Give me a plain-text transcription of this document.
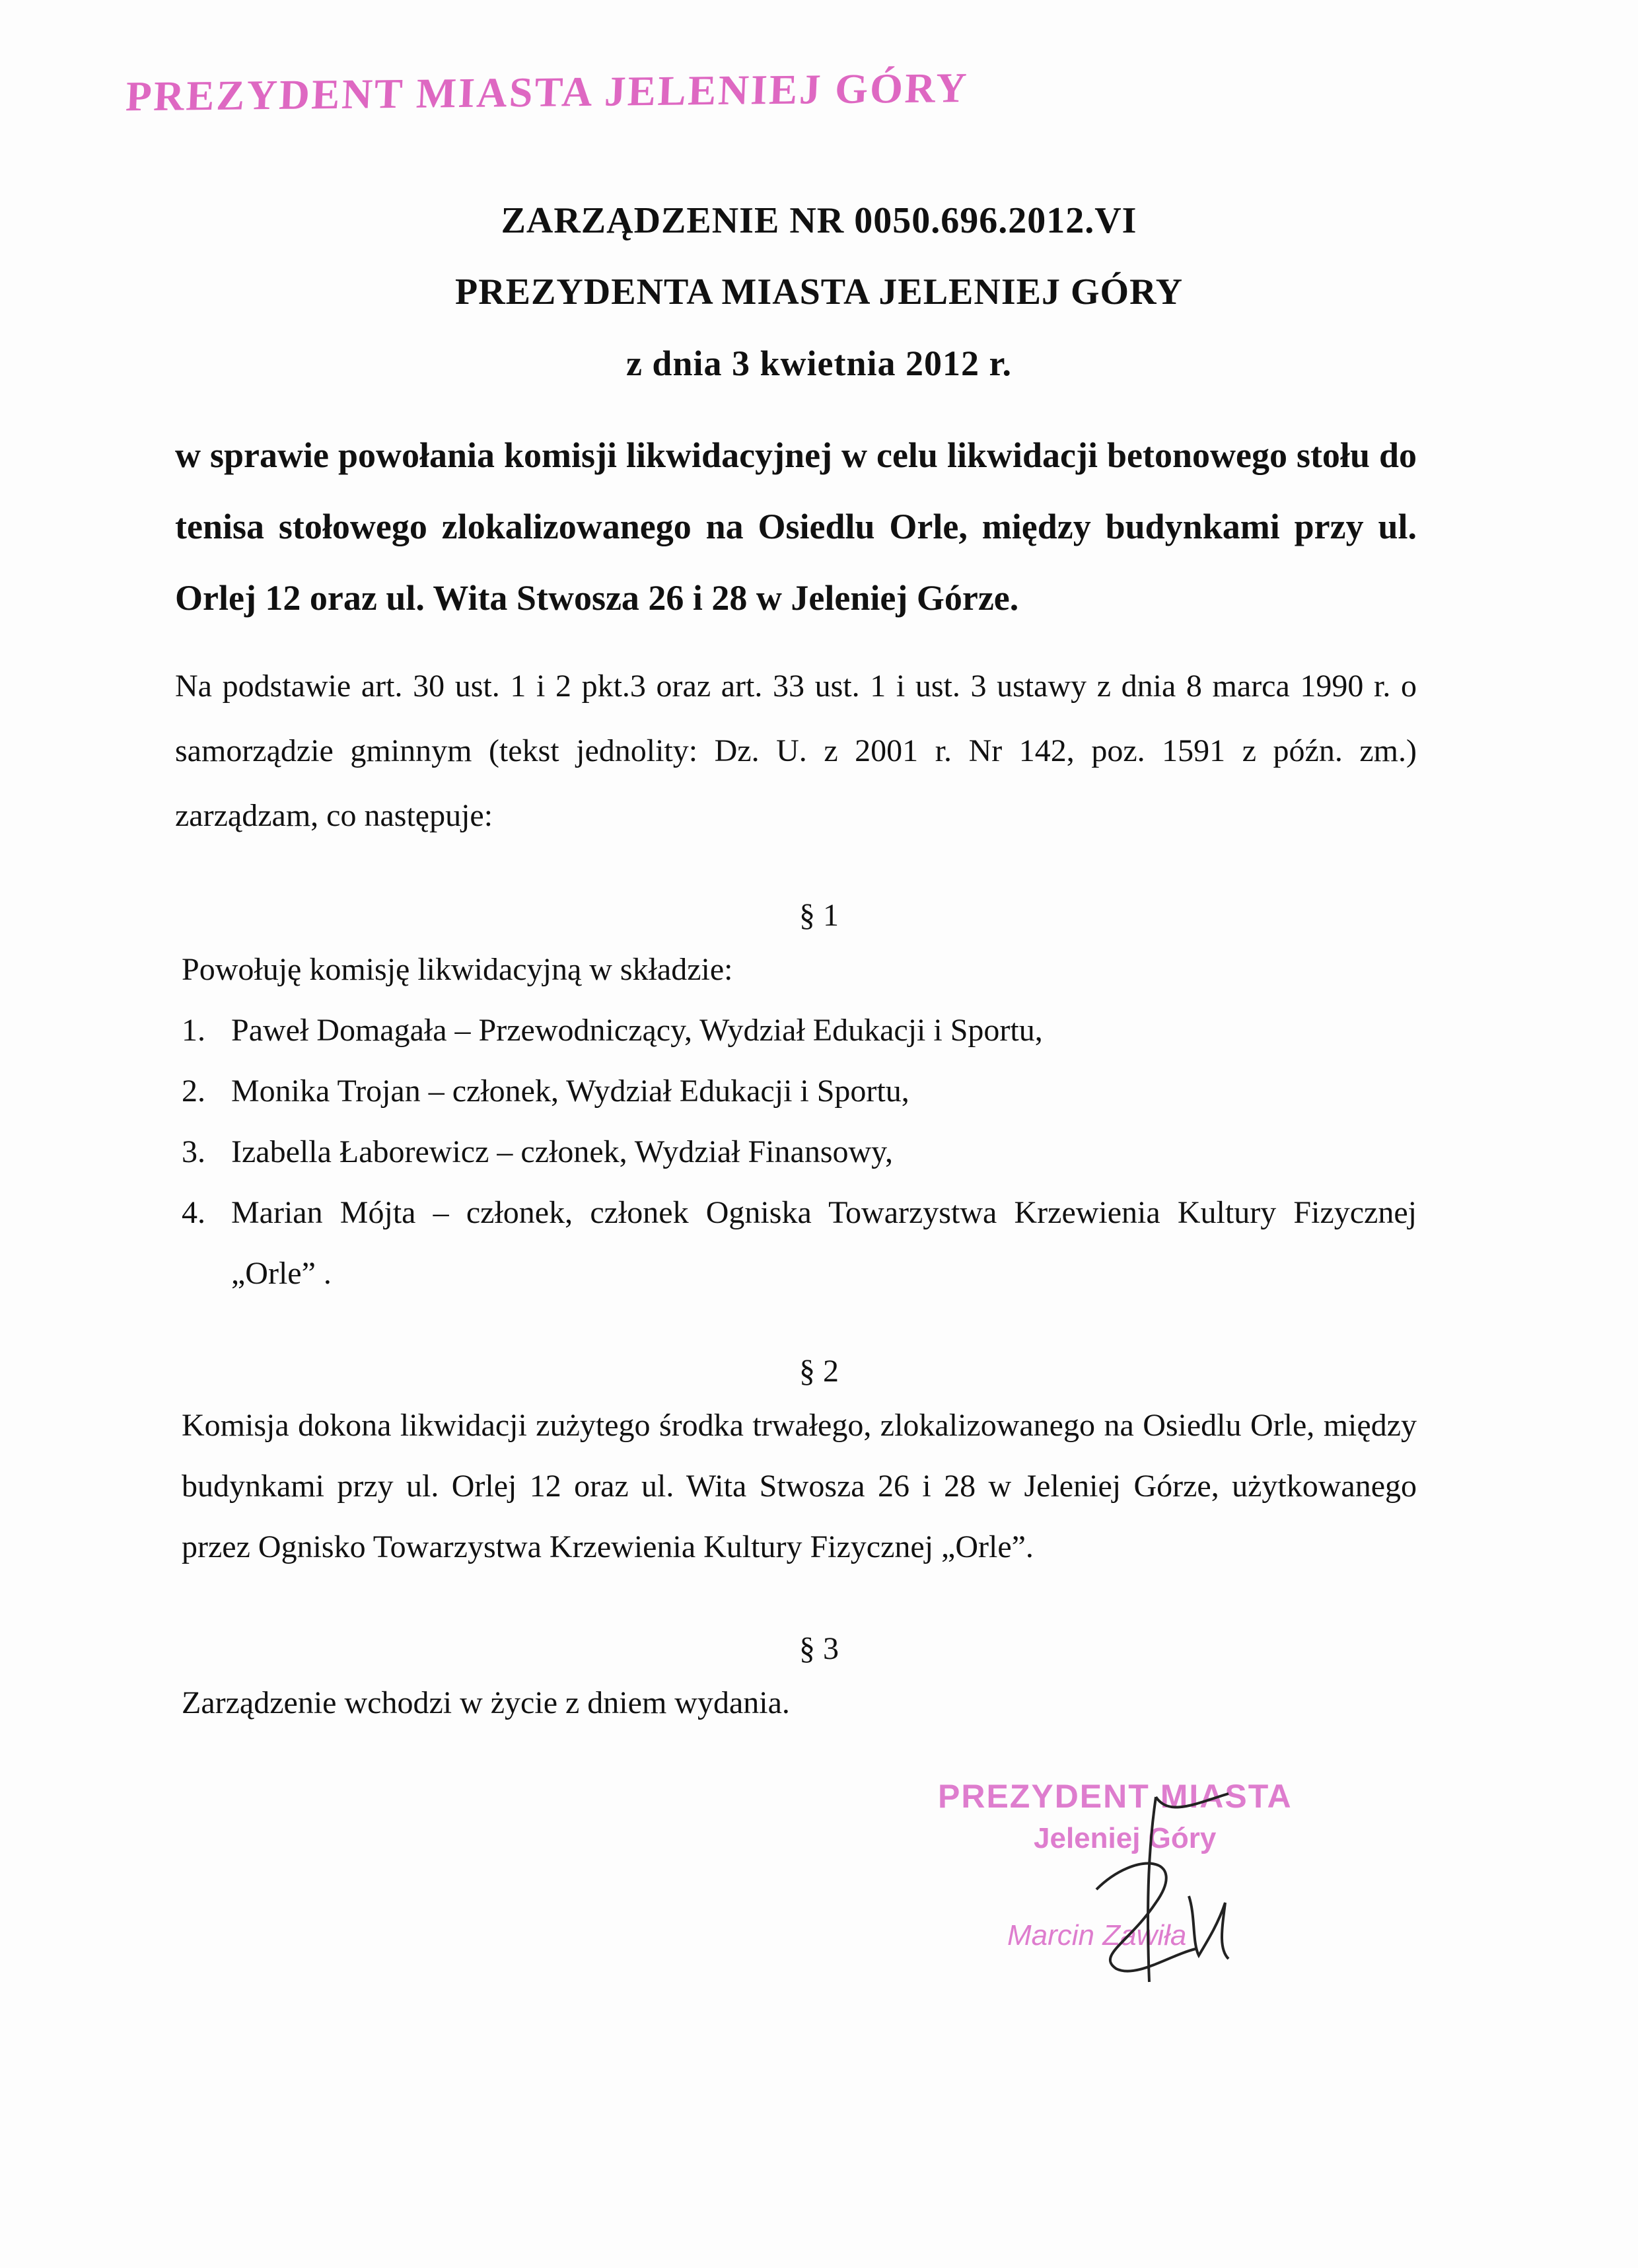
PREZYDENT MIASTA JELENIEJ GÓRY
ZARZĄDZENIE NR 0050.696.2012.VI
PREZYDENTA MIASTA JELENIEJ GÓRY
z dnia 3 kwietnia 2012 r.
w sprawie powołania komisji likwidacyjnej w celu likwidacji betonowego stołu do tenisa stołowego zlokalizowanego na Osiedlu Orle, między budynkami przy ul. Orlej 12 oraz ul. Wita Stwosza 26 i 28 w Jeleniej Górze.
Na podstawie art. 30 ust. 1 i 2 pkt.3 oraz art. 33 ust. 1 i ust. 3 ustawy z dnia 8 marca 1990 r. o samorządzie gminnym (tekst jednolity: Dz. U. z 2001 r. Nr 142, poz. 1591 z późn. zm.) zarządzam, co następuje:
§ 1
Powołuję komisję likwidacyjną w składzie:
1. Paweł Domagała – Przewodniczący, Wydział Edukacji i Sportu,
2. Monika Trojan – członek, Wydział Edukacji i Sportu,
3. Izabella Łaborewicz – członek, Wydział Finansowy,
4. Marian Mójta – członek, członek Ogniska Towarzystwa Krzewienia Kultury Fizycznej „Orle” .
§ 2
Komisja dokona likwidacji zużytego środka trwałego, zlokalizowanego na Osiedlu Orle, między budynkami przy ul. Orlej 12 oraz ul. Wita Stwosza 26 i 28 w Jeleniej Górze, użytkowanego przez Ognisko Towarzystwa Krzewienia Kultury Fizycznej „Orle”.
§ 3
Zarządzenie wchodzi w życie z dniem wydania.
PREZYDENT MIASTA
Jeleniej Góry
Marcin Zawiła
